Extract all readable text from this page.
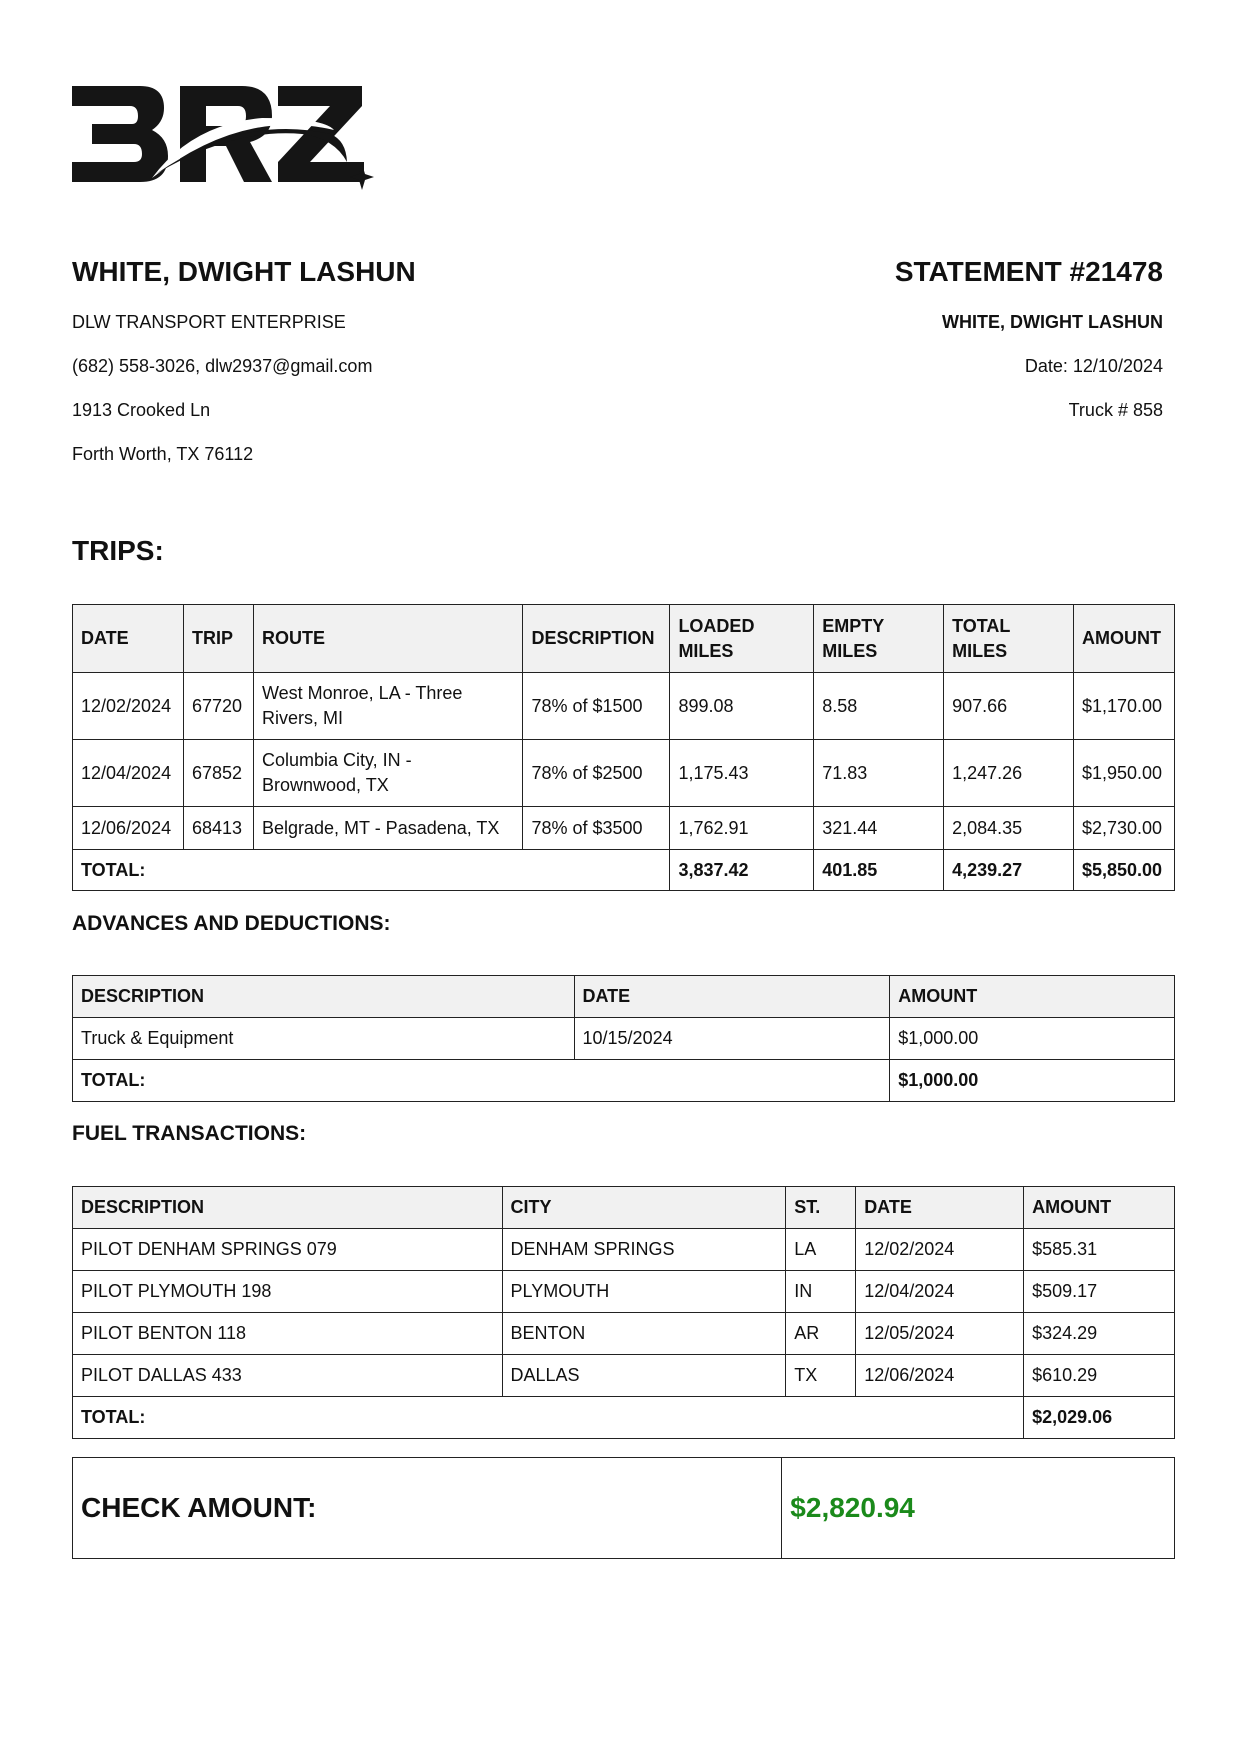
WHITE, DWIGHT LASHUN

DLW TRANSPORT ENTERPRISE

(682) 558-3026, dlw2937@gmail.com

1913 Crooked Ln

Forth Worth, TX 76112

STATEMENT #21478

WHITE, DWIGHT LASHUN

Date: 12/10/2024

Truck # 858

TRIPS:

DATE	TRIP	ROUTE	DESCRIPTION	LOADED MILES	EMPTY MILES	TOTAL MILES	AMOUNT
12/02/2024	67720	West Monroe, LA - Three Rivers, MI	78% of $1500	899.08	8.58	907.66	$1,170.00
12/04/2024	67852	Columbia City, IN - Brownwood, TX	78% of $2500	1,175.43	71.83	1,247.26	$1,950.00
12/06/2024	68413	Belgrade, MT - Pasadena, TX	78% of $3500	1,762.91	321.44	2,084.35	$2,730.00
TOTAL:				3,837.42	401.85	4,239.27	$5,850.00

ADVANCES AND DEDUCTIONS:

DESCRIPTION	DATE	AMOUNT
Truck & Equipment	10/15/2024	$1,000.00
TOTAL:		$1,000.00

FUEL TRANSACTIONS:

DESCRIPTION	CITY	ST.	DATE	AMOUNT
PILOT DENHAM SPRINGS 079	DENHAM SPRINGS	LA	12/02/2024	$585.31
PILOT PLYMOUTH 198	PLYMOUTH	IN	12/04/2024	$509.17
PILOT BENTON 118	BENTON	AR	12/05/2024	$324.29
PILOT DALLAS 433	DALLAS	TX	12/06/2024	$610.29
TOTAL:				$2,029.06
CHECK AMOUNT:	$2,820.94
